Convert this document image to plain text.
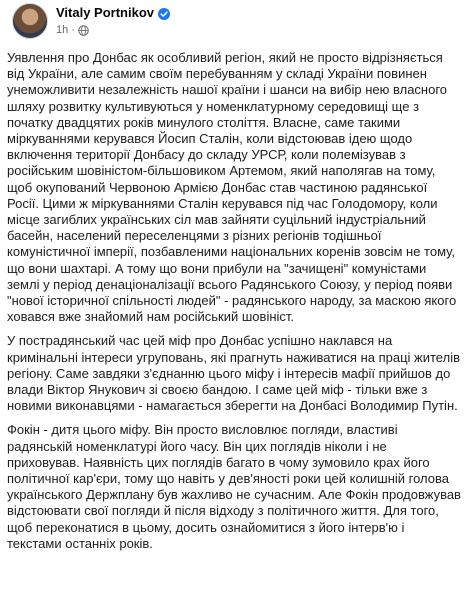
Vitaly Portnikov
1h ·

Уявлення про Донбас як особливий регіон, який не просто відрізняється від України, але самим своїм перебуванням у складі України повинен унеможливити незалежність нашої країни і шанси на вибір нею власного шляху розвитку культивуються у номенклатурному середовищі ще з початку двадцятих років минулого століття. Власне, саме такими міркуваннями керувався Йосип Сталін, коли відстоював ідею щодо включення території Донбасу до складу УРСР, коли полемізував з російським шовіністом-більшовиком Артемом, який наполягав на тому, щоб окупований Червоною Армією Донбас став частиною радянської Росії. Цими ж міркуваннями Сталін керувався під час Голодомору, коли місце загиблих українських сіл мав зайняти суцільний індустріальний басейн, населений переселенцями з різних регіонів тодішньої комуністичної імперії, позбавленими національних коренів зовсім не тому, що вони шахтарі. А тому що вони прибули на "зачищені" комуністами землі у період денаціоналізації всього Радянського Союзу, у період появи "нової історичної спільності людей" - радянського народу, за маскою якого ховався вже знайомий нам російський шовініст.

У пострадянський час цей міф про Донбас успішно наклався на кримінальні інтереси угруповань, які прагнуть наживатися на праці жителів регіону. Саме завдяки з'єднанню цього міфу і інтересів мафії прийшов до влади Віктор Янукович зі своєю бандою. І саме цей міф - тільки вже з новими виконавцями - намагається зберегти на Донбасі Володимир Путін.

Фокін - дитя цього міфу. Він просто висловлює погляди, властиві радянській номенклатурі його часу. Він цих поглядів ніколи і не приховував. Наявність цих поглядів багато в чому зумовило крах його політичної кар'єри, тому що навіть у дев'яності роки цей колишній голова українського Держплану був жахливо не сучасним. Але Фокін продовжував відстоювати свої погляди й після відходу з політичного життя. Для того, щоб переконатися в цьому, досить ознайомитися з його інтерв'ю і текстами останніх років.
